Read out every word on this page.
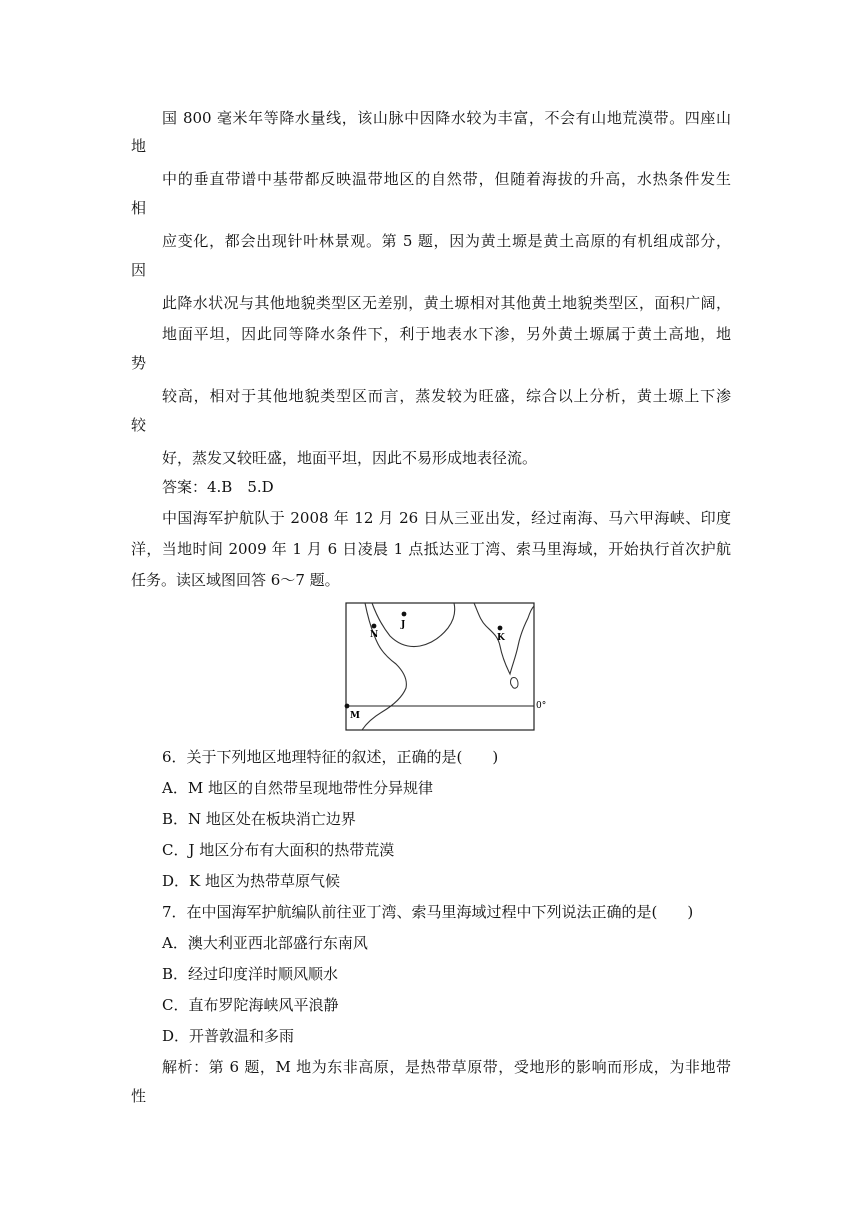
国 800 毫米年等降水量线，该山脉中因降水较为丰富，不会有山地荒漠带。四座山
地
中的垂直带谱中基带都反映温带地区的自然带，但随着海拔的升高，水热条件发生
相
应变化，都会出现针叶林景观。第 5 题，因为黄土塬是黄土高原的有机组成部分，
因
此降水状况与其他地貌类型区无差别，黄土塬相对其他黄土地貌类型区，面积广阔，
地面平坦，因此同等降水条件下，利于地表水下渗，另外黄土塬属于黄土高地，地
势
较高，相对于其他地貌类型区而言，蒸发较为旺盛，综合以上分析，黄土塬上下渗
较
好，蒸发又较旺盛，地面平坦，因此不易形成地表径流。
答案：4.B　5.D
中国海军护航队于 2008 年 12 月 26 日从三亚出发，经过南海、马六甲海峡、印度
洋，当地时间 2009 年 1 月 6 日凌晨 1 点抵达亚丁湾、索马里海域，开始执行首次护航
任务。读区域图回答 6～7 题。
J
N	K
M
0°
6．关于下列地区地理特征的叙述，正确的是(　　)
A．M 地区的自然带呈现地带性分异规律
B．N 地区处在板块消亡边界
C．J 地区分布有大面积的热带荒漠
D．K 地区为热带草原气候
7．在中国海军护航编队前往亚丁湾、索马里海域过程中下列说法正确的是(　　)
A．澳大利亚西北部盛行东南风
B．经过印度洋时顺风顺水
C．直布罗陀海峡风平浪静
D．开普敦温和多雨
解析：第 6 题，M 地为东非高原，是热带草原带，受地形的影响而形成，为非地带
性
